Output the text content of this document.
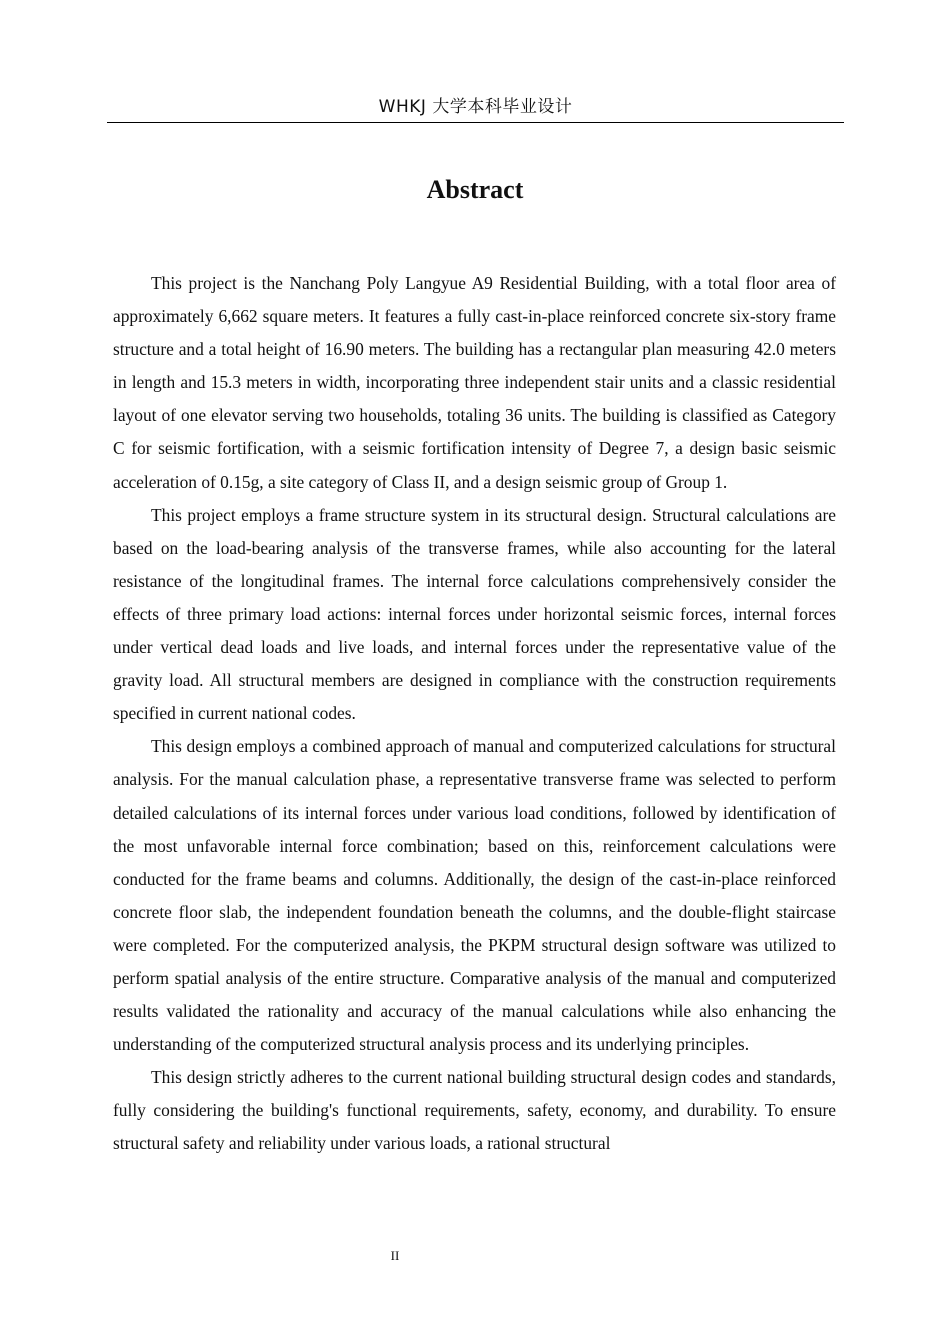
WHKJ 大学本科毕业设计
Abstract

This project is the Nanchang Poly Langyue A9 Residential Building, with a total floor area of approximately 6,662 square meters. It features a fully cast-in-place reinforced concrete six-story frame structure and a total height of 16.90 meters. The building has a rectangular plan measuring 42.0 meters in length and 15.3 meters in width, incorporating three independent stair units and a classic residential layout of one elevator serving two households, totaling 36 units. The building is classified as Category C for seismic fortification, with a seismic fortification intensity of Degree 7, a design basic seismic acceleration of 0.15g, a site category of Class II, and a design seismic group of Group 1.

This project employs a frame structure system in its structural design. Structural calculations are based on the load-bearing analysis of the transverse frames, while also accounting for the lateral resistance of the longitudinal frames. The internal force calculations comprehensively consider the effects of three primary load actions: internal forces under horizontal seismic forces, internal forces under vertical dead loads and live loads, and internal forces under the representative value of the gravity load. All structural members are designed in compliance with the construction requirements specified in current national codes.

This design employs a combined approach of manual and computerized calculations for structural analysis. For the manual calculation phase, a representative transverse frame was selected to perform detailed calculations of its internal forces under various load conditions, followed by identification of the most unfavorable internal force combination; based on this, reinforcement calculations were conducted for the frame beams and columns. Additionally, the design of the cast-in-place reinforced concrete floor slab, the independent foundation beneath the columns, and the double-flight staircase were completed. For the computerized analysis, the PKPM structural design software was utilized to perform spatial analysis of the entire structure. Comparative analysis of the manual and computerized results validated the rationality and accuracy of the manual calculations while also enhancing the understanding of the computerized structural analysis process and its underlying principles.

This design strictly adheres to the current national building structural design codes and standards, fully considering the building's functional requirements, safety, economy, and durability. To ensure structural safety and reliability under various loads, a rational structural

II
